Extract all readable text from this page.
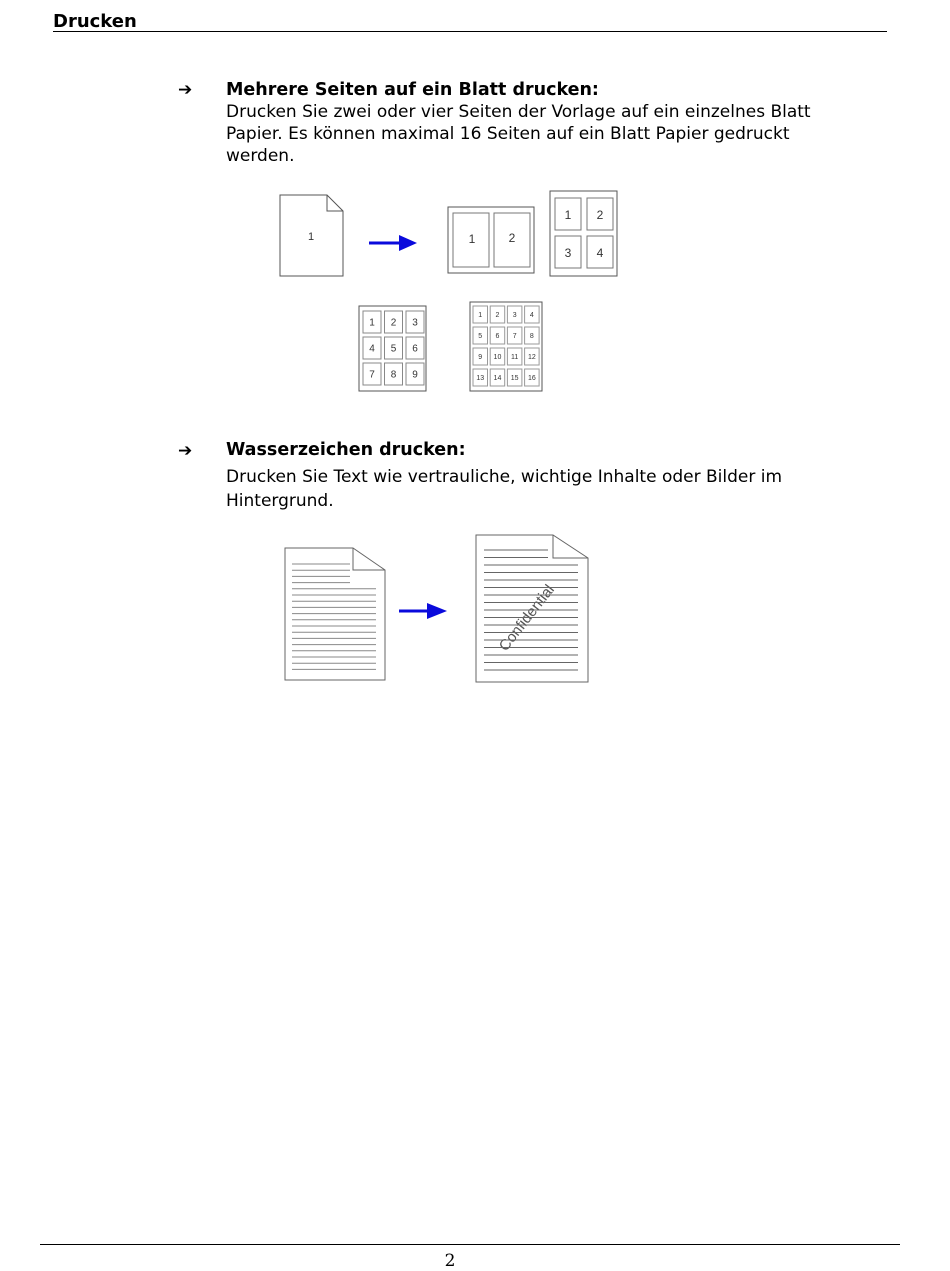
Drucken
➔ Mehrere Seiten auf ein Blatt drucken:
Drucken Sie zwei oder vier Seiten der Vorlage auf ein einzelnes Blatt Papier. Es können maximal 16 Seiten auf ein Blatt Papier gedruckt werden.
1	1	2
1 2
3 4
1 2 3
4 5 6
7 8 9
1 2 3 4
5 6 7 8
9 10 11 12
13 14 15 16
➔ Wasserzeichen drucken:
Drucken Sie Text wie vertrauliche, wichtige Inhalte oder Bilder im Hintergrund.
Confidential
2
